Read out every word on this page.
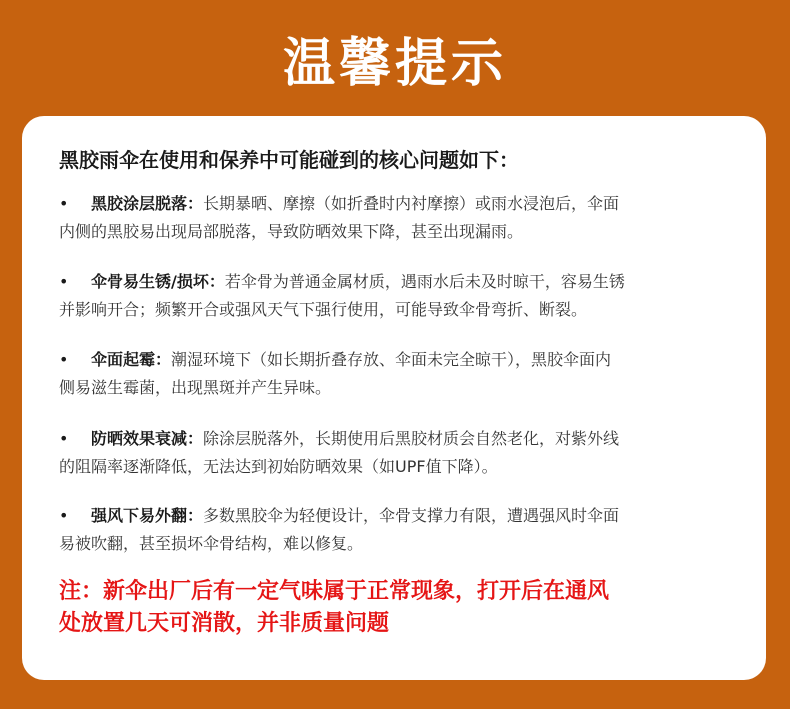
温馨提示
黑胶雨伞在使用和保养中可能碰到的核心问题如下：
• 黑胶涂层脱落：长期暴晒、摩擦（如折叠时内衬摩擦）或雨水浸泡后，伞面
内侧的黑胶易出现局部脱落，导致防晒效果下降，甚至出现漏雨。
• 伞骨易生锈/损坏：若伞骨为普通金属材质，遇雨水后未及时晾干，容易生锈
并影响开合；频繁开合或强风天气下强行使用，可能导致伞骨弯折、断裂。
• 伞面起霉：潮湿环境下（如长期折叠存放、伞面未完全晾干），黑胶伞面内
侧易滋生霉菌，出现黑斑并产生异味。
• 防晒效果衰减：除涂层脱落外，长期使用后黑胶材质会自然老化，对紫外线
的阻隔率逐渐降低，无法达到初始防晒效果（如UPF值下降）。
• 强风下易外翻：多数黑胶伞为轻便设计，伞骨支撑力有限，遭遇强风时伞面
易被吹翻，甚至损坏伞骨结构，难以修复。
注：新伞出厂后有一定气味属于正常现象，打开后在通风
处放置几天可消散，并非质量问题
